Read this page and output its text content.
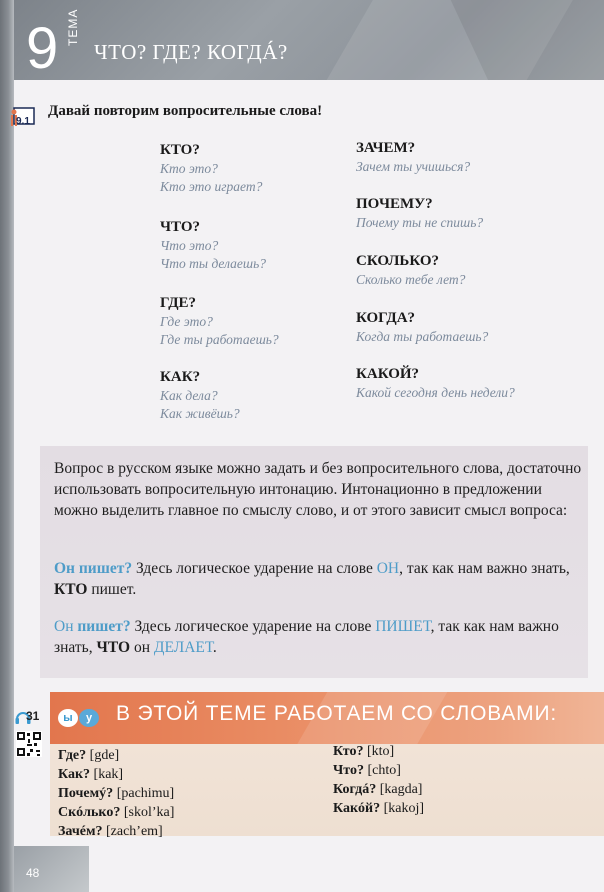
9 ТЕМА
ЧТО? ГДЕ? КОГДÁ?
9.1
Давай повторим вопросительные слова!

КТО?

Кто это?

Кто это играет?

ЧТО?

Что это?

Что ты делаешь?

ГДЕ?

Где это?

Где ты работаешь?

КАК?

Как дела?

Как живёшь?

ЗАЧЕМ?

Зачем ты учишься?

ПОЧЕМУ?

Почему ты не спишь?

СКОЛЬКО?

Сколько тебе лет?

КОГДА?

Когда ты работаешь?

КАКОЙ?

Какой сегодня день недели?

Вопрос в русском языке можно задать и без вопросительного слова, достаточно использовать вопросительную интонацию. Интонационно в предложении можно выделить главное по смыслу слово, и от этого зависит смысл вопроса:

Он пишет? Здесь логическое ударение на слове ОН, так как нам важно знать, КТО пишет.

Он пишет? Здесь логическое ударение на слове ПИШЕТ, так как нам важно знать, ЧТО он ДЕЛАЕТ.

31	ы	у	В ЭТОЙ ТЕМЕ РАБОТАЕМ СО СЛОВАМИ:

Где? [gde]

Как? [kak]

Почемý? [pachimu]

Скóлько? [skol’ka]

Зачéм? [zach’em]

Кто? [kto]

Что? [chto]

Когдá? [kagda]

Какóй? [kakoj]

48
